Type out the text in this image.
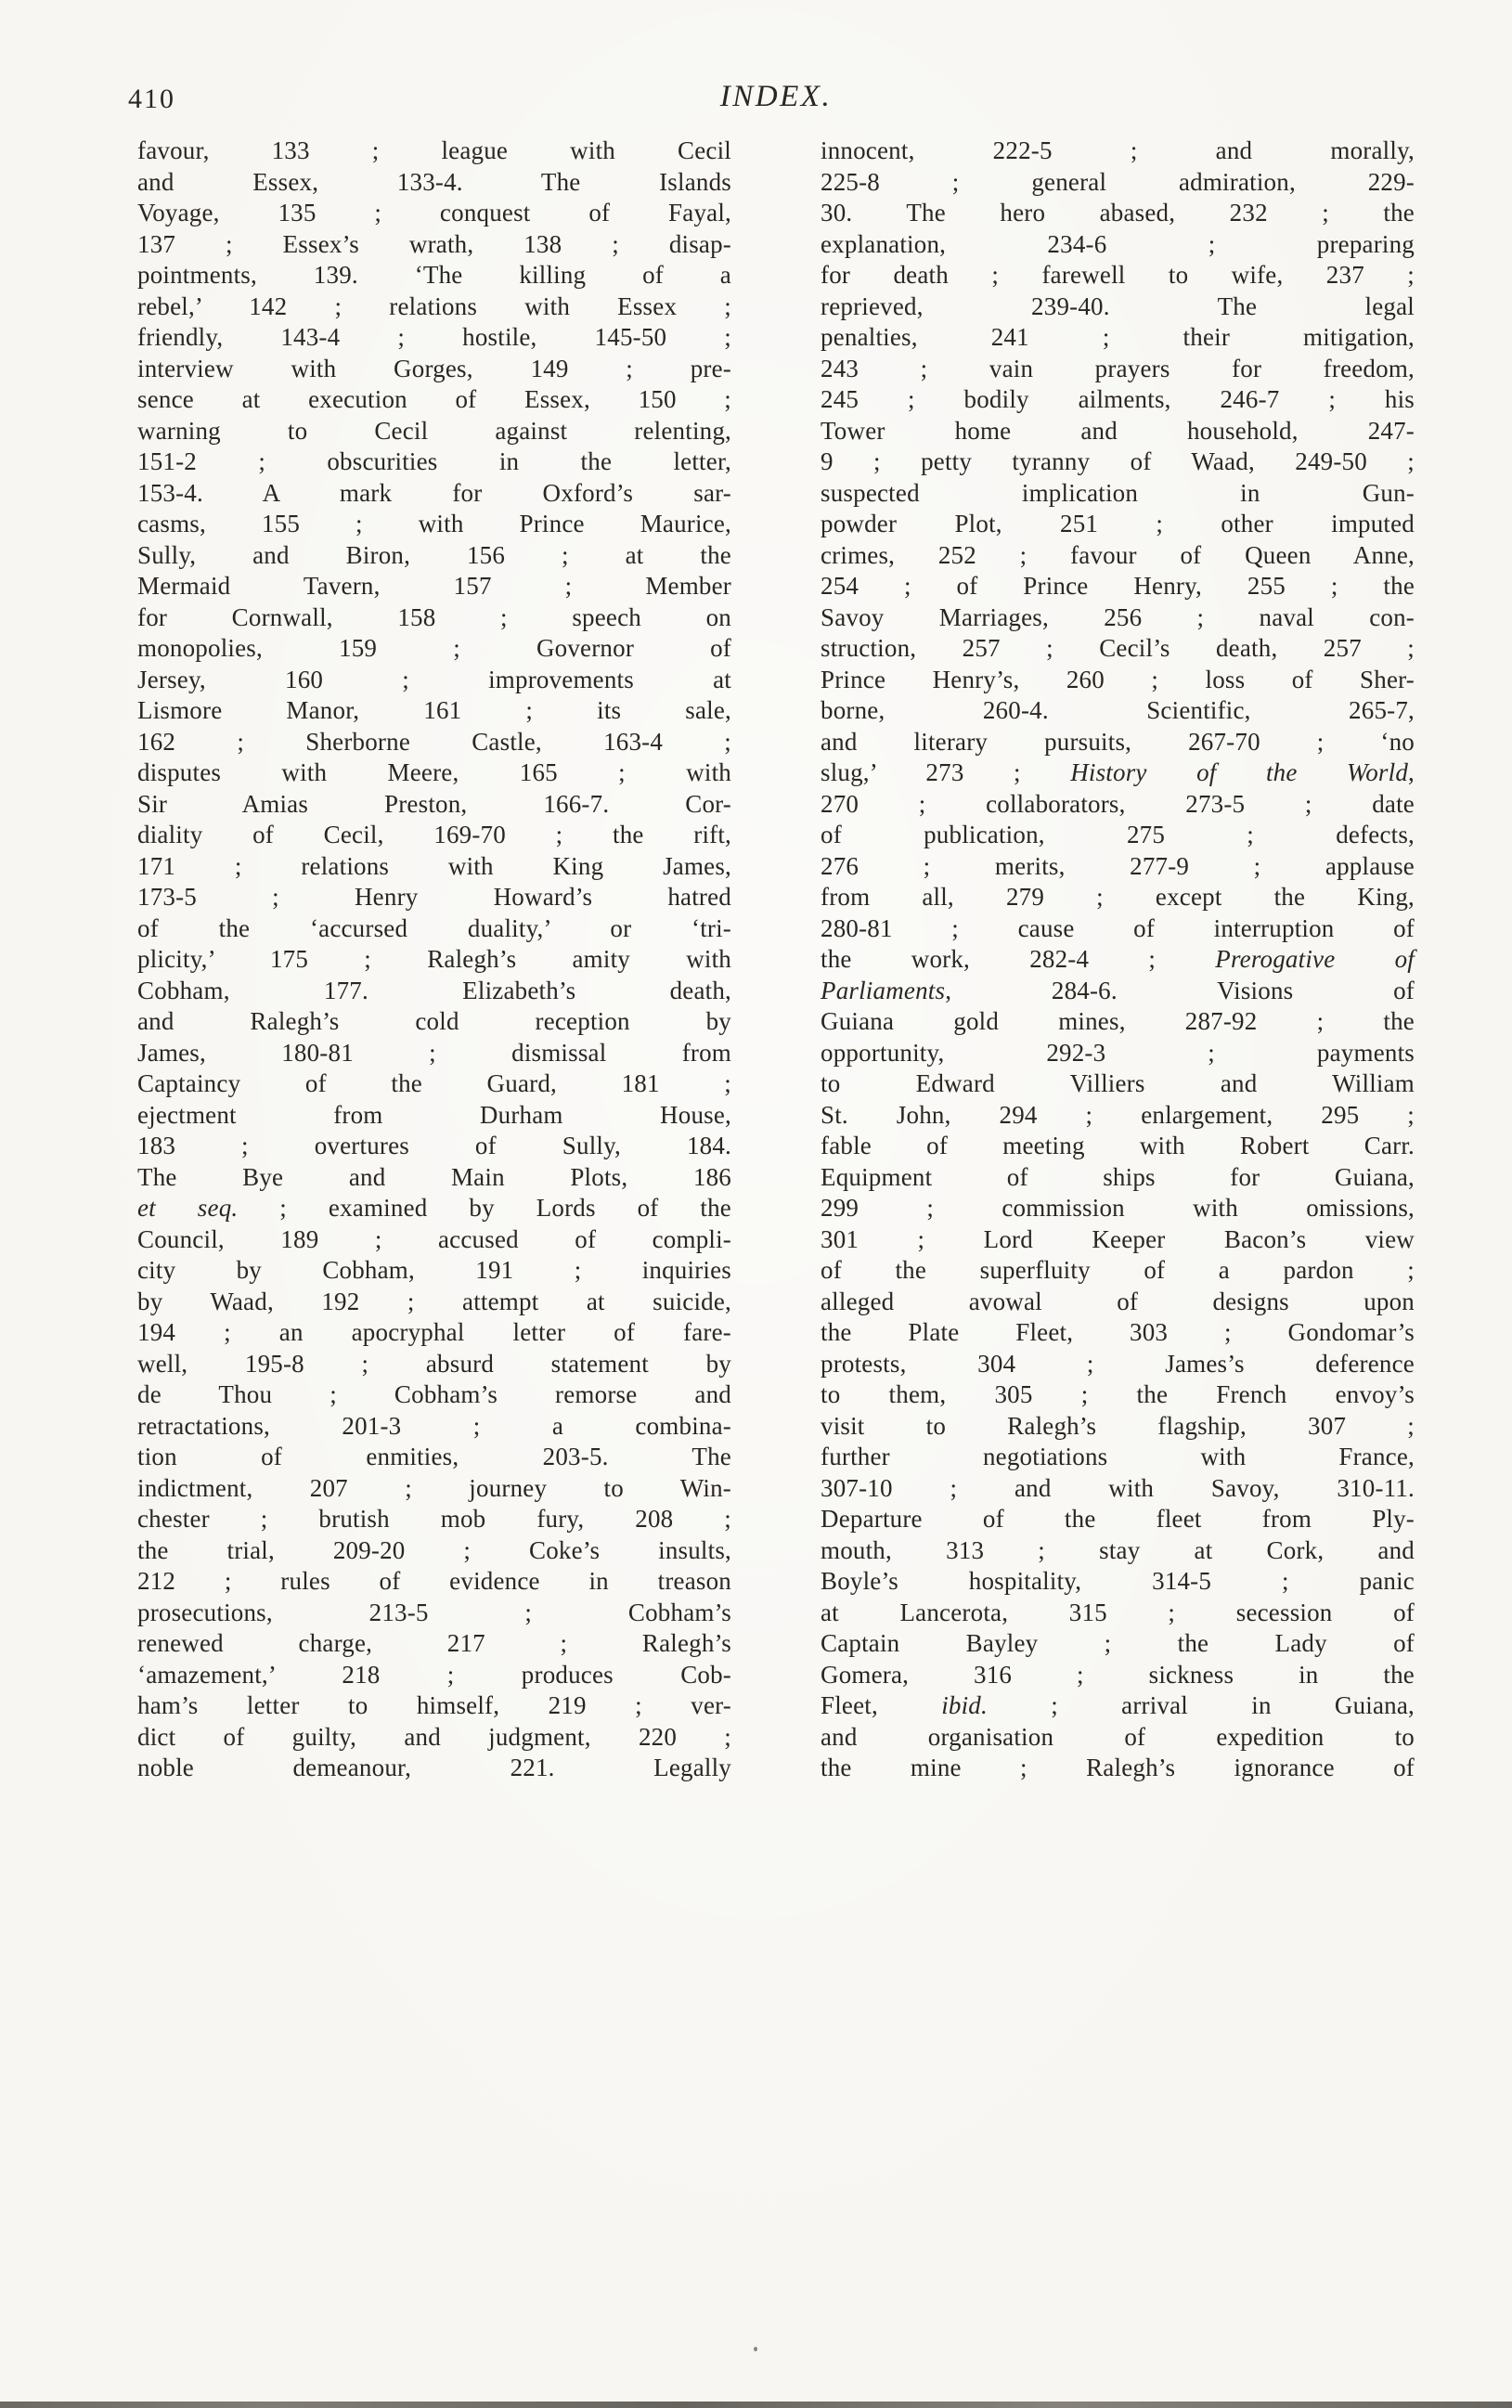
410	INDEX.
favour, 133 ; league with Cecil
and Essex, 133-4. The Islands
Voyage, 135 ; conquest of Fayal,
137 ; Essex’s wrath, 138 ; disap-
pointments, 139. ‘The killing of a
rebel,’ 142 ; relations with Essex ;
friendly, 143-4 ; hostile, 145-50 ;
interview with Gorges, 149 ; pre-
sence at execution of Essex, 150 ;
warning to Cecil against relenting,
151-2 ; obscurities in the letter,
153-4. A mark for Oxford’s sar-
casms, 155 ; with Prince Maurice,
Sully, and Biron, 156 ; at the
Mermaid Tavern, 157 ; Member
for Cornwall, 158 ; speech on
monopolies, 159 ; Governor of
Jersey, 160 ; improvements at
Lismore Manor, 161 ; its sale,
162 ; Sherborne Castle, 163-4 ;
disputes with Meere, 165 ; with
Sir Amias Preston, 166-7. Cor-
diality of Cecil, 169-70 ; the rift,
171 ; relations with King James,
173-5 ; Henry Howard’s hatred
of the ‘accursed duality,’ or ‘tri-
plicity,’ 175 ; Ralegh’s amity with
Cobham, 177. Elizabeth’s death,
and Ralegh’s cold reception by
James, 180-81 ; dismissal from
Captaincy of the Guard, 181 ;
ejectment from Durham House,
183 ; overtures of Sully, 184.
The Bye and Main Plots, 186
et seq. ; examined by Lords of the
Council, 189 ; accused of compli-
city by Cobham, 191 ; inquiries
by Waad, 192 ; attempt at suicide,
194 ; an apocryphal letter of fare-
well, 195-8 ; absurd statement by
de Thou ; Cobham’s remorse and
retractations, 201-3 ; a combina-
tion of enmities, 203-5. The
indictment, 207 ; journey to Win-
chester ; brutish mob fury, 208 ;
the trial, 209-20 ; Coke’s insults,
212 ; rules of evidence in treason
prosecutions, 213-5 ; Cobham’s
renewed charge, 217 ; Ralegh’s
‘amazement,’ 218 ; produces Cob-
ham’s letter to himself, 219 ; ver-
dict of guilty, and judgment, 220 ;
noble demeanour, 221. Legally
innocent, 222-5 ; and morally,
225-8 ; general admiration, 229-
30. The hero abased, 232 ; the
explanation, 234-6 ; preparing
for death ; farewell to wife, 237 ;
reprieved, 239-40. The legal
penalties, 241 ; their mitigation,
243 ; vain prayers for freedom,
245 ; bodily ailments, 246-7 ; his
Tower home and household, 247-
9 ; petty tyranny of Waad, 249-50 ;
suspected implication in Gun-
powder Plot, 251 ; other imputed
crimes, 252 ; favour of Queen Anne,
254 ; of Prince Henry, 255 ; the
Savoy Marriages, 256 ; naval con-
struction, 257 ; Cecil’s death, 257 ;
Prince Henry’s, 260 ; loss of Sher-
borne, 260-4. Scientific, 265-7,
and literary pursuits, 267-70 ; ‘no
slug,’ 273 ; History of the World,
270 ; collaborators, 273-5 ; date
of publication, 275 ; defects,
276 ; merits, 277-9 ; applause
from all, 279 ; except the King,
280-81 ; cause of interruption of
the work, 282-4 ; Prerogative of
Parliaments, 284-6. Visions of
Guiana gold mines, 287-92 ; the
opportunity, 292-3 ; payments
to Edward Villiers and William
St. John, 294 ; enlargement, 295 ;
fable of meeting with Robert Carr.
Equipment of ships for Guiana,
299 ; commission with omissions,
301 ; Lord Keeper Bacon’s view
of the superfluity of a pardon ;
alleged avowal of designs upon
the Plate Fleet, 303 ; Gondomar’s
protests, 304 ; James’s deference
to them, 305 ; the French envoy’s
visit to Ralegh’s flagship, 307 ;
further negotiations with France,
307-10 ; and with Savoy, 310-11.
Departure of the fleet from Ply-
mouth, 313 ; stay at Cork, and
Boyle’s hospitality, 314-5 ; panic
at Lancerota, 315 ; secession of
Captain Bayley ; the Lady of
Gomera, 316 ; sickness in the
Fleet, ibid. ; arrival in Guiana,
and organisation of expedition to
the mine ; Ralegh’s ignorance of
